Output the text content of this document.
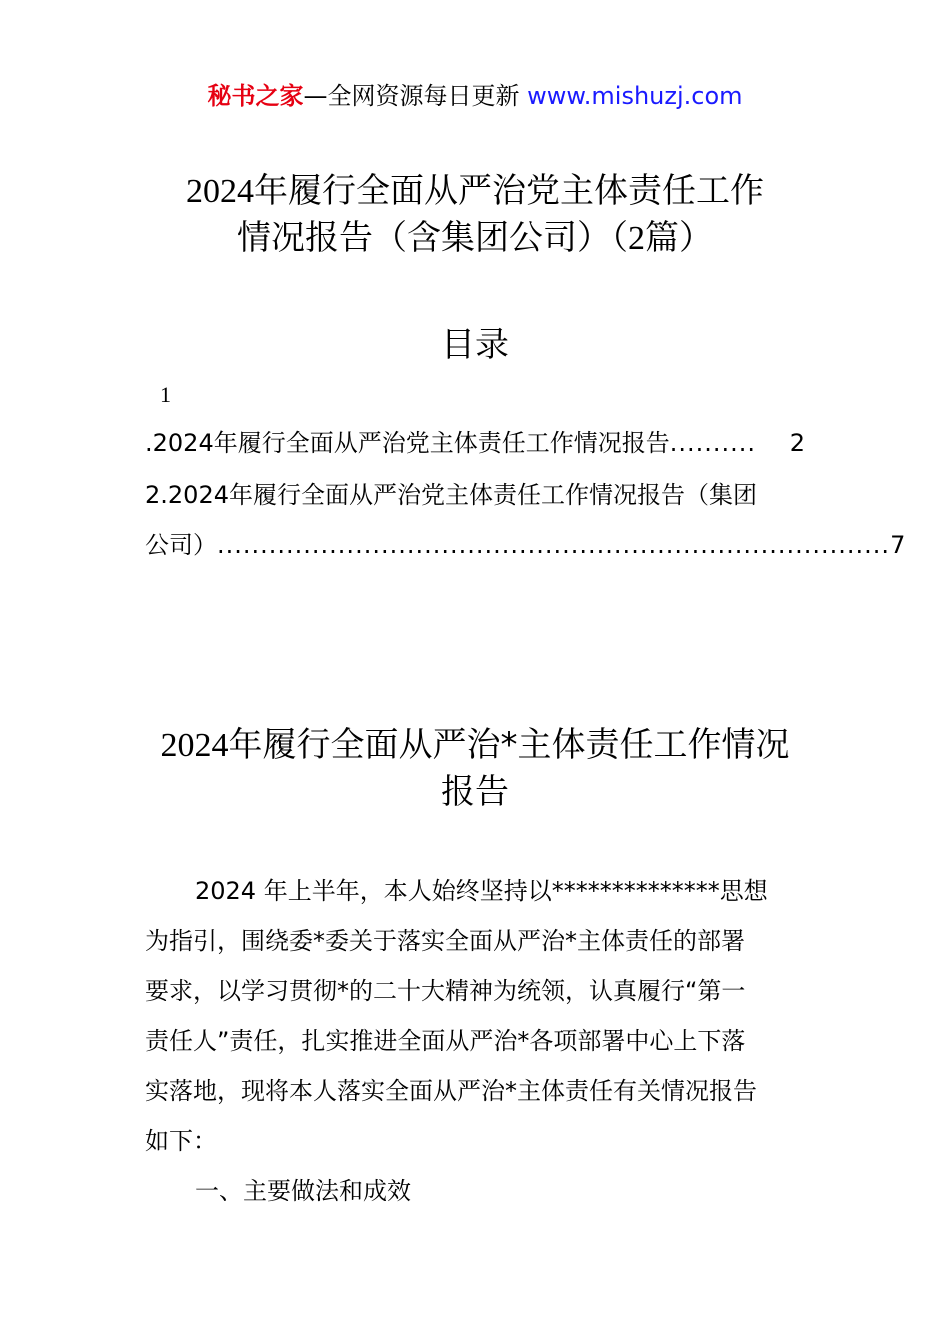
秘书之家—全网资源每日更新 www.mishuzj.com
2024年履行全面从严治党主体责任工作
情况报告（含集团公司）（2篇）
目录
1
.2024年履行全面从严治党主体责任工作情况报告 ..........	2
2.2024年履行全面从严治党主体责任工作情况报告（集团
公司） .............................................................................. 7
2024年履行全面从严治*主体责任工作情况
报告
2024 年上半年，本人始终坚持以**************思想
为指引，围绕委*委关于落实全面从严治*主体责任的部署
要求，以学习贯彻*的二十大精神为统领，认真履行“第一
责任人”责任，扎实推进全面从严治*各项部署中心上下落
实落地，现将本人落实全面从严治*主体责任有关情况报告
如下：
一、主要做法和成效
